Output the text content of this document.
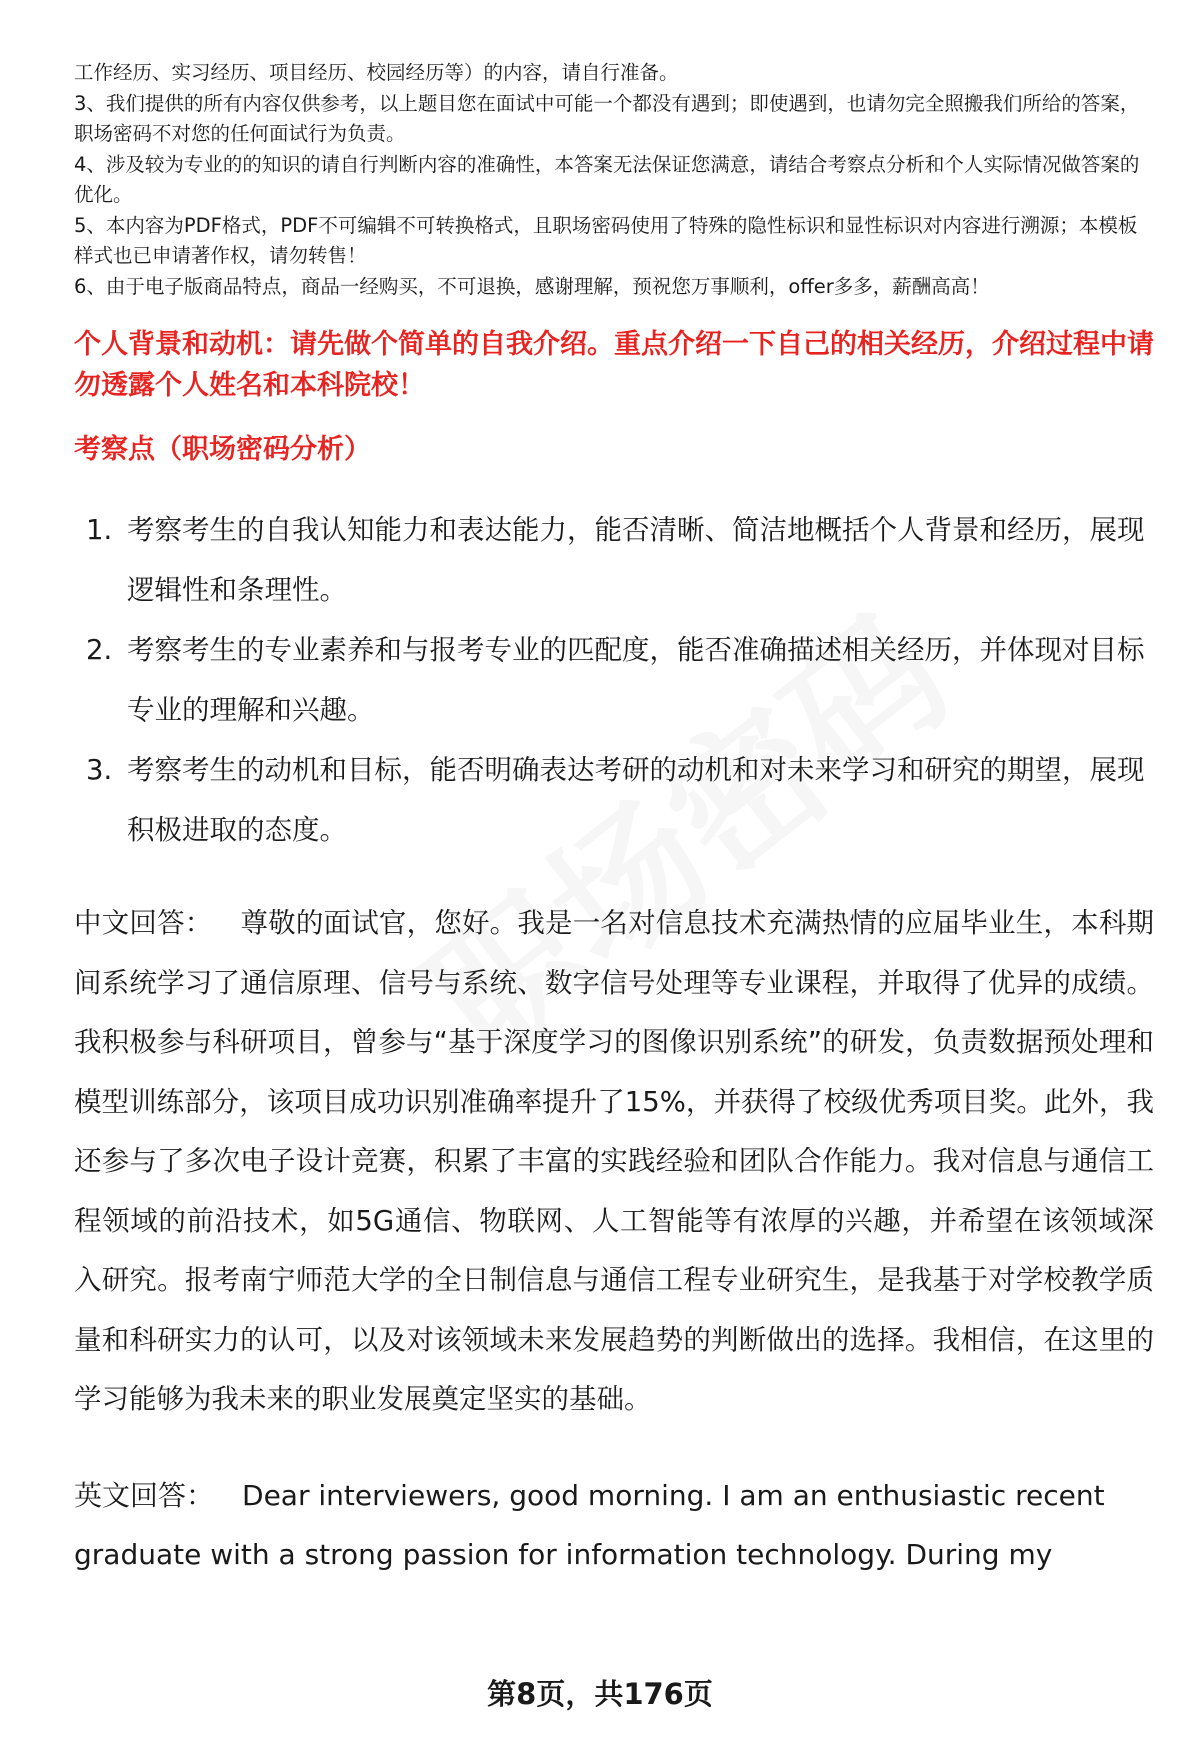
工作经历、实习经历、项目经历、校园经历等）的内容，请自行准备。

3、我们提供的所有内容仅供参考，以上题目您在面试中可能一个都没有遇到；即使遇到，也请勿完全照搬我们所给的答案，职场密码不对您的任何面试行为负责。

4、涉及较为专业的的知识的请自行判断内容的准确性，本答案无法保证您满意，请结合考察点分析和个人实际情况做答案的优化。

5、本内容为PDF格式，PDF不可编辑不可转换格式，且职场密码使用了特殊的隐性标识和显性标识对内容进行溯源；本模板样式也已申请著作权，请勿转售！

6、由于电子版商品特点，商品一经购买，不可退换，感谢理解，预祝您万事顺利，offer多多，薪酬高高！

个人背景和动机：请先做个简单的自我介绍。重点介绍一下自己的相关经历，介绍过程中请勿透露个人姓名和本科院校！

考察点（职场密码分析）

1. 考察考生的自我认知能力和表达能力，能否清晰、简洁地概括个人背景和经历，展现逻辑性和条理性。
2. 考察考生的专业素养和与报考专业的匹配度，能否准确描述相关经历，并体现对目标专业的理解和兴趣。
3. 考察考生的动机和目标，能否明确表达考研的动机和对未来学习和研究的期望，展现积极进取的态度。

中文回答： 尊敬的面试官，您好。我是一名对信息技术充满热情的应届毕业生，本科期间系统学习了通信原理、信号与系统、数字信号处理等专业课程，并取得了优异的成绩。我积极参与科研项目，曾参与“基于深度学习的图像识别系统”的研发，负责数据预处理和模型训练部分，该项目成功识别准确率提升了15%，并获得了校级优秀项目奖。此外，我还参与了多次电子设计竞赛，积累了丰富的实践经验和团队合作能力。我对信息与通信工程领域的前沿技术，如5G通信、物联网、人工智能等有浓厚的兴趣，并希望在该领域深入研究。报考南宁师范大学的全日制信息与通信工程专业研究生，是我基于对学校教学质量和科研实力的认可，以及对该领域未来发展趋势的判断做出的选择。我相信，在这里的学习能够为我未来的职业发展奠定坚实的基础。

英文回答： Dear interviewers, good morning. I am an enthusiastic recent graduate with a strong passion for information technology. During my

第8页，共176页
